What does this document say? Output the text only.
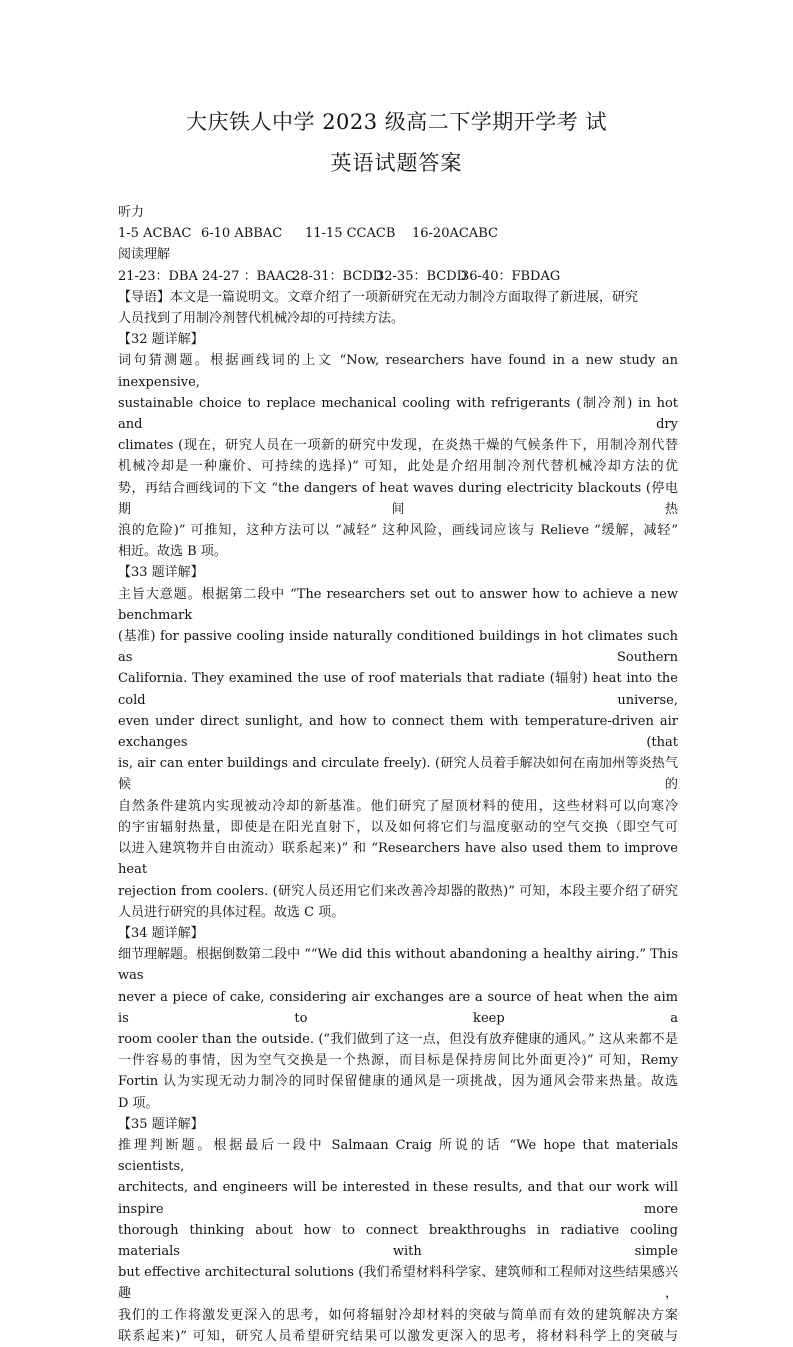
大庆铁人中学 2023 级高二下学期开学考 试
英语试题答案

听力

1-5 ACBAC 6-10 ABBAC 11-15 CCACB 16-20ACABC

阅读理解

21-23：DBA 24-27 ：BAAC28-31：BCDD32-35：BCDD36-40：FBDAG

【导语】本文是一篇说明文。文章介绍了一项新研究在无动力制冷方面取得了新进展，研究

人员找到了用制冷剂替代机械冷却的可持续方法。

【32 题详解】

词句猜测题。根据画线词的上文 “Now, researchers have found in a new study an inexpensive,

sustainable choice to replace mechanical cooling with refrigerants (制冷剂) in hot and dry

climates (现在，研究人员在一项新的研究中发现，在炎热干燥的气候条件下，用制冷剂代替

机械冷却是一种廉价、可持续的选择)” 可知，此处是介绍用制冷剂代替机械冷却方法的优

势，再结合画线词的下文 “the dangers of heat waves during electricity blackouts (停电期间热

浪的危险)” 可推知，这种方法可以 “减轻” 这种风险，画线词应该与 Relieve “缓解，减轻”

相近。故选 B 项。

【33 题详解】

主旨大意题。根据第二段中 “The researchers set out to answer how to achieve a new benchmark

(基准) for passive cooling inside naturally conditioned buildings in hot climates such as Southern

California. They examined the use of roof materials that radiate (辐射) heat into the cold universe,

even under direct sunlight, and how to connect them with temperature-driven air exchanges (that

is, air can enter buildings and circulate freely). (研究人员着手解决如何在南加州等炎热气候的

自然条件建筑内实现被动冷却的新基准。他们研究了屋顶材料的使用，这些材料可以向寒冷

的宇宙辐射热量，即使是在阳光直射下，以及如何将它们与温度驱动的空气交换（即空气可

以进入建筑物并自由流动）联系起来)” 和 “Researchers have also used them to improve heat

rejection from coolers. (研究人员还用它们来改善冷却器的散热)” 可知，本段主要介绍了研究

人员进行研究的具体过程。故选 C 项。

【34 题详解】

细节理解题。根据倒数第二段中 ““We did this without abandoning a healthy airing.” This was

never a piece of cake, considering air exchanges are a source of heat when the aim is to keep a

room cooler than the outside. (“我们做到了这一点，但没有放弃健康的通风。” 这从来都不是

一件容易的事情，因为空气交换是一个热源，而目标是保持房间比外面更冷)” 可知，Remy

Fortin 认为实现无动力制冷的同时保留健康的通风是一项挑战，因为通风会带来热量。故选

D 项。

【35 题详解】

推理判断题。根据最后一段中 Salmaan Craig 所说的话 “We hope that materials scientists,

architects, and engineers will be interested in these results, and that our work will inspire more

thorough thinking about how to connect breakthroughs in radiative cooling materials with simple

but effective architectural solutions (我们希望材料科学家、建筑师和工程师对这些结果感兴趣，

我们的工作将激发更深入的思考，如何将辐射冷却材料的突破与简单而有效的建筑解决方案

联系起来)” 可知，研究人员希望研究结果可以激发更深入的思考，将材料科学上的突破与
